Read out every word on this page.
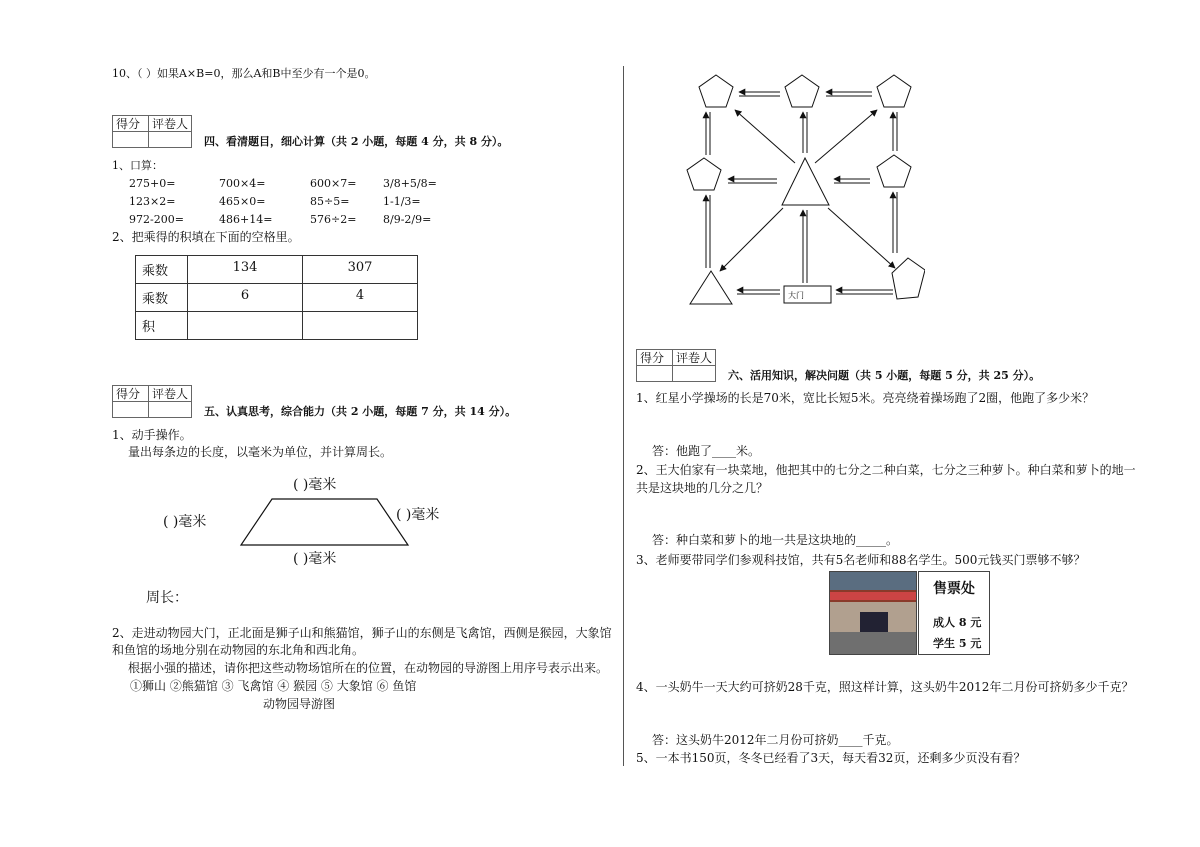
10、（ ）如果A×B=0，那么A和B中至少有一个是0。
得分	评卷人

四、看清题目，细心计算（共 2 小题，每题 4 分，共 8 分）。
1、口算：
275+0=	700×4=	600×7= 3/8+5/8=
123×2=	465×0=	85÷5=	1-1/3=
972-200=	486+14=	576÷2= 8/9-2/9=
2、把乘得的积填在下面的空格里。
乘数	134	307
乘数	6	4
积		
得分	评卷人

五、认真思考，综合能力（共 2 小题，每题 7 分，共 14 分）。
1、动手操作。
量出每条边的长度，以毫米为单位，并计算周长。
( )毫米
( )毫米	( )毫米
( )毫米
周长：
2、走进动物园大门，正北面是狮子山和熊猫馆，狮子山的东侧是飞禽馆，西侧是猴园，大象馆
和鱼馆的场地分别在动物园的东北角和西北角。
根据小强的描述，请你把这些动物场馆所在的位置，在动物园的导游图上用序号表示出来。
①狮山 ②熊猫馆 ③ 飞禽馆 ④ 猴园 ⑤ 大象馆 ⑥ 鱼馆
动物园导游图
大门
得分	评卷人

六、活用知识，解决问题（共 5 小题，每题 5 分，共 25 分）。
1、红星小学操场的长是70米，宽比长短5米。亮亮绕着操场跑了2圈，他跑了多少米？
答：他跑了____米。
2、王大伯家有一块菜地，他把其中的七分之二种白菜，七分之三种萝卜。种白菜和萝卜的地一
共是这块地的几分之几？
答：种白菜和萝卜的地一共是这块地的_____。
3、老师要带同学们参观科技馆，共有5名老师和88名学生。500元钱买门票够不够？
售票处
成人 8 元
学生 5 元
4、一头奶牛一天大约可挤奶28千克，照这样计算，这头奶牛2012年二月份可挤奶多少千克？
答：这头奶牛2012年二月份可挤奶____千克。
5、一本书150页，冬冬已经看了3天，每天看32页，还剩多少页没有看？
